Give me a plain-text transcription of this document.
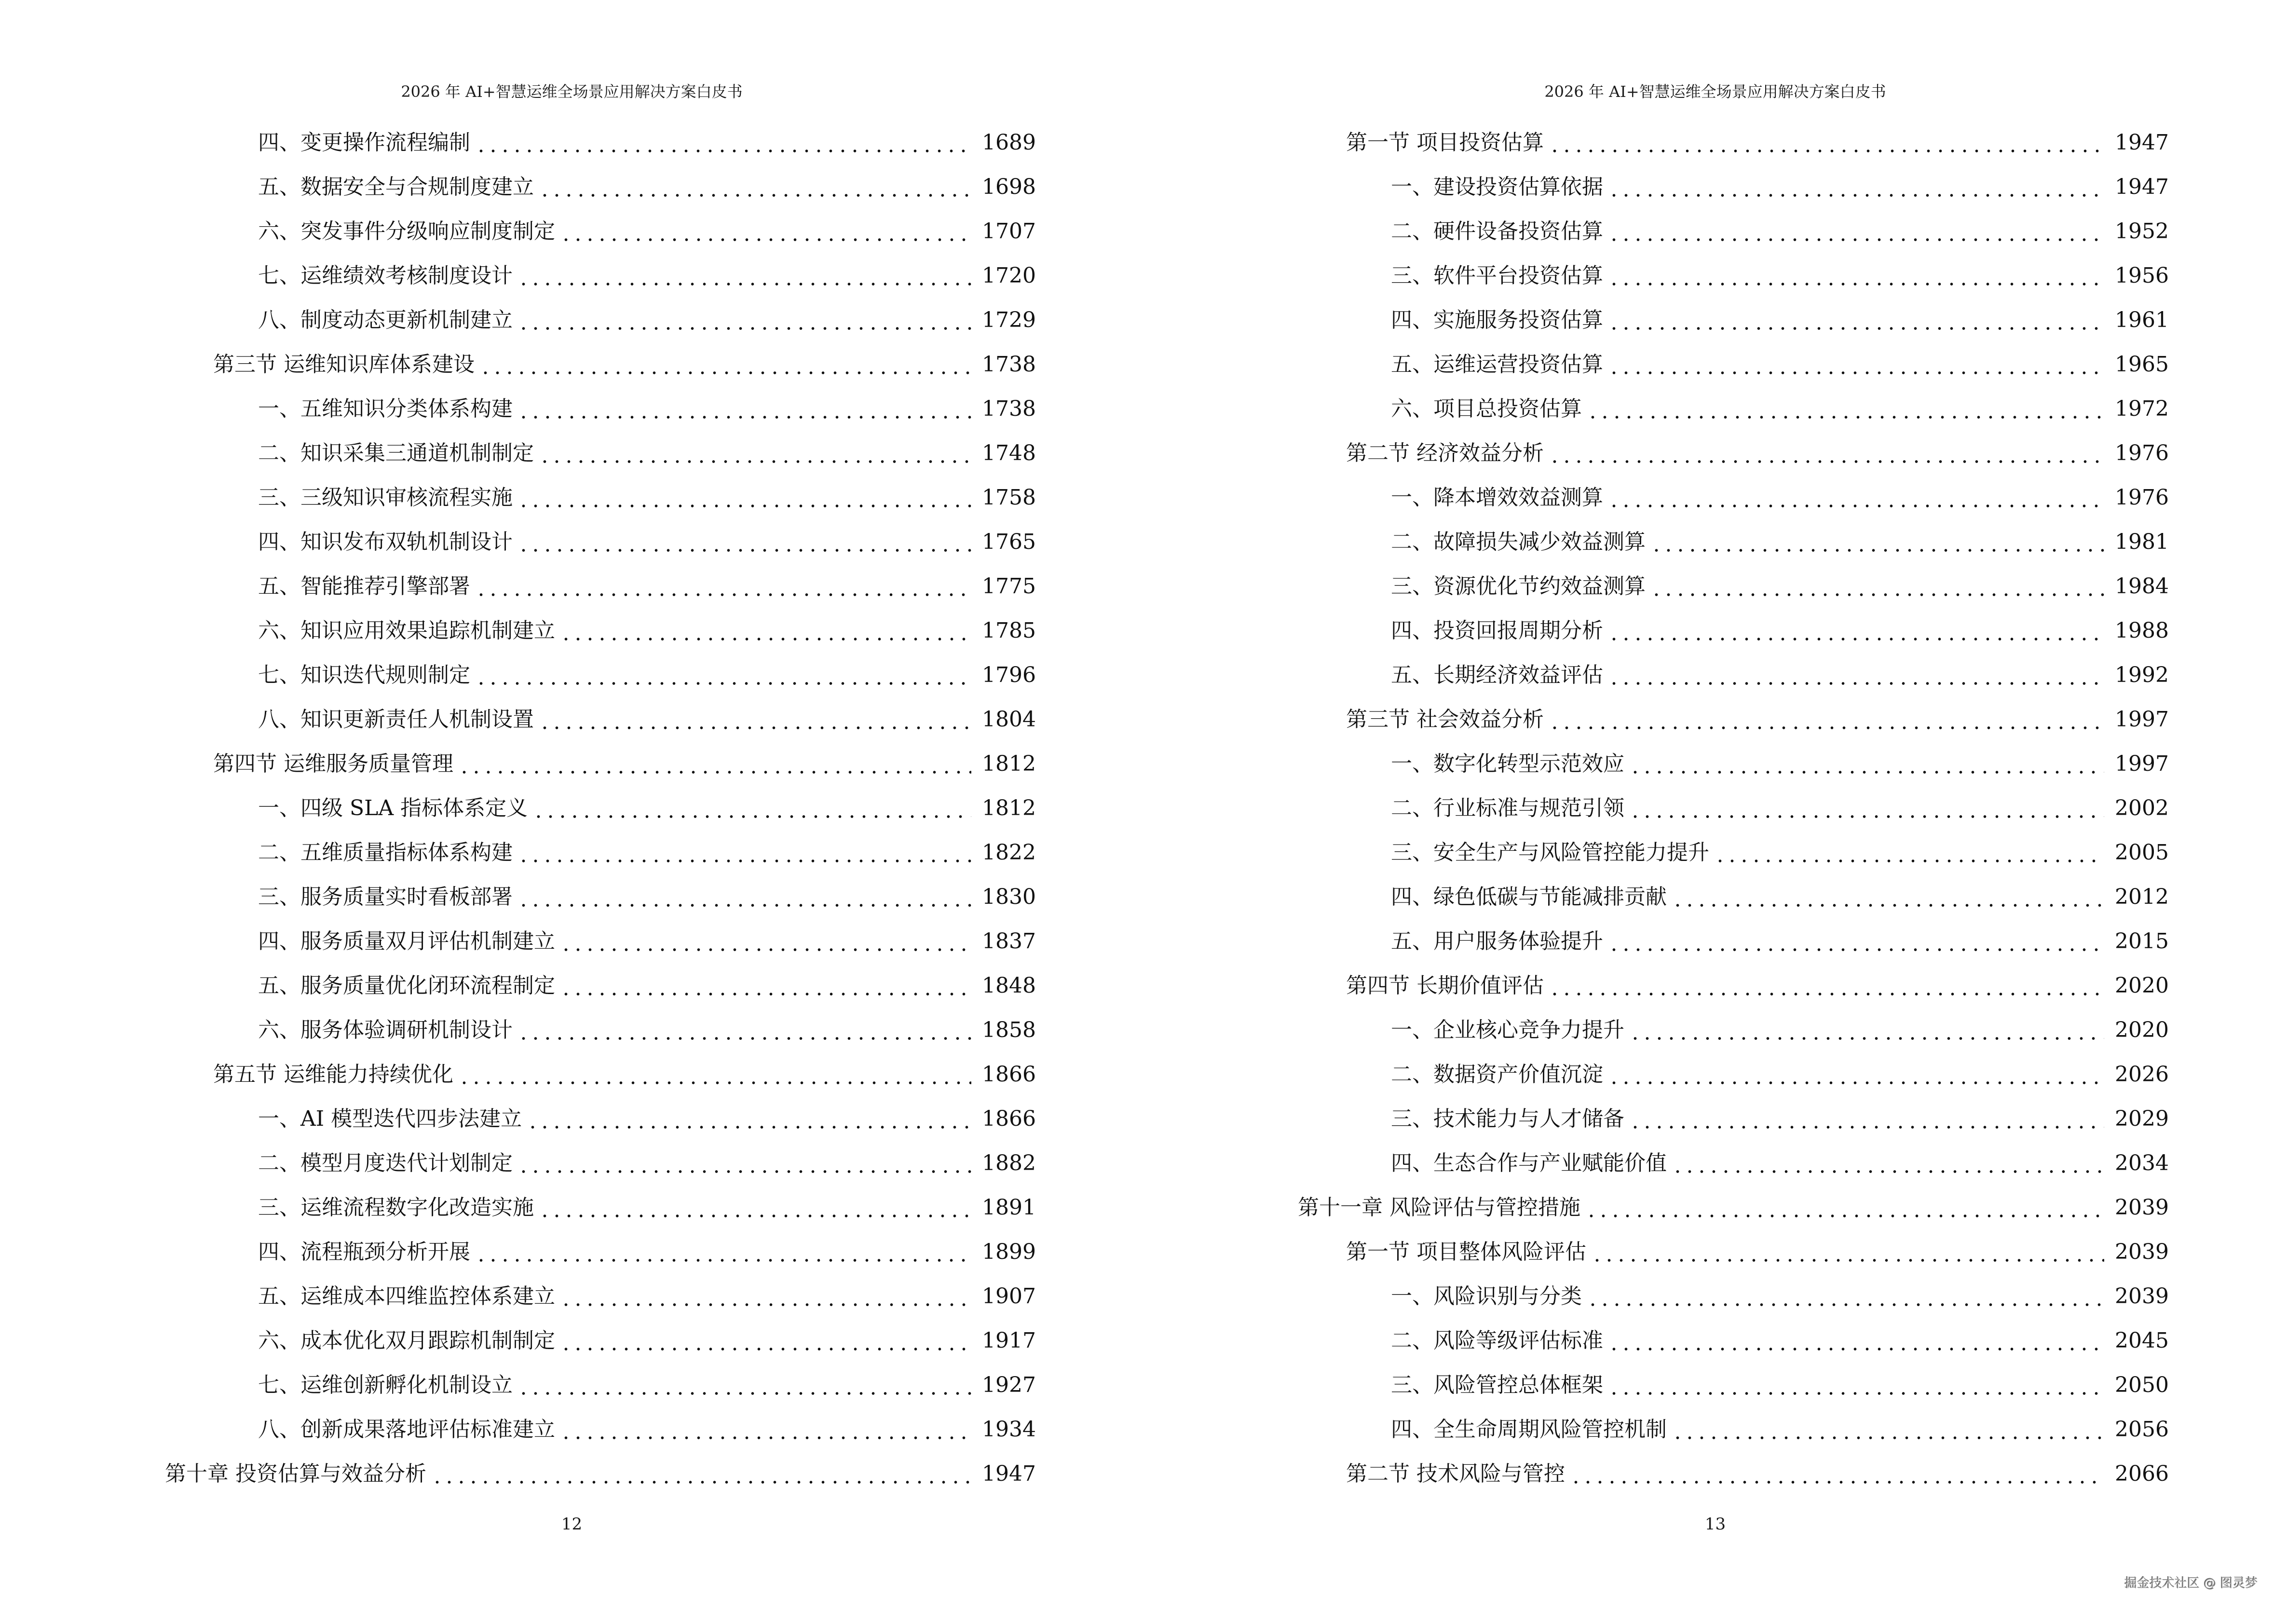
2026 年 AI+智慧运维全场景应用解决方案白皮书
四、变更操作流程编制	1689
五、数据安全与合规制度建立	1698
六、突发事件分级响应制度制定	1707
七、运维绩效考核制度设计	1720
八、制度动态更新机制建立	1729
第三节 运维知识库体系建设	1738
一、五维知识分类体系构建	1738
二、知识采集三通道机制制定	1748
三、三级知识审核流程实施	1758
四、知识发布双轨机制设计	1765
五、智能推荐引擎部署	1775
六、知识应用效果追踪机制建立	1785
七、知识迭代规则制定	1796
八、知识更新责任人机制设置	1804
第四节 运维服务质量管理	1812
一、四级 SLA 指标体系定义	1812
二、五维质量指标体系构建	1822
三、服务质量实时看板部署	1830
四、服务质量双月评估机制建立	1837
五、服务质量优化闭环流程制定	1848
六、服务体验调研机制设计	1858
第五节 运维能力持续优化	1866
一、AI 模型迭代四步法建立	1866
二、模型月度迭代计划制定	1882
三、运维流程数字化改造实施	1891
四、流程瓶颈分析开展	1899
五、运维成本四维监控体系建立	1907
六、成本优化双月跟踪机制制定	1917
七、运维创新孵化机制设立	1927
八、创新成果落地评估标准建立	1934
第十章 投资估算与效益分析	1947
12
2026 年 AI+智慧运维全场景应用解决方案白皮书
第一节 项目投资估算	1947
一、建设投资估算依据	1947
二、硬件设备投资估算	1952
三、软件平台投资估算	1956
四、实施服务投资估算	1961
五、运维运营投资估算	1965
六、项目总投资估算	1972
第二节 经济效益分析	1976
一、降本增效效益测算	1976
二、故障损失减少效益测算	1981
三、资源优化节约效益测算	1984
四、投资回报周期分析	1988
五、长期经济效益评估	1992
第三节 社会效益分析	1997
一、数字化转型示范效应	1997
二、行业标准与规范引领	2002
三、安全生产与风险管控能力提升	2005
四、绿色低碳与节能减排贡献	2012
五、用户服务体验提升	2015
第四节 长期价值评估	2020
一、企业核心竞争力提升	2020
二、数据资产价值沉淀	2026
三、技术能力与人才储备	2029
四、生态合作与产业赋能价值	2034
第十一章 风险评估与管控措施	2039
第一节 项目整体风险评估	2039
一、风险识别与分类	2039
二、风险等级评估标准	2045
三、风险管控总体框架	2050
四、全生命周期风险管控机制	2056
第二节 技术风险与管控	2066
13
掘金技术社区 @ 图灵梦
